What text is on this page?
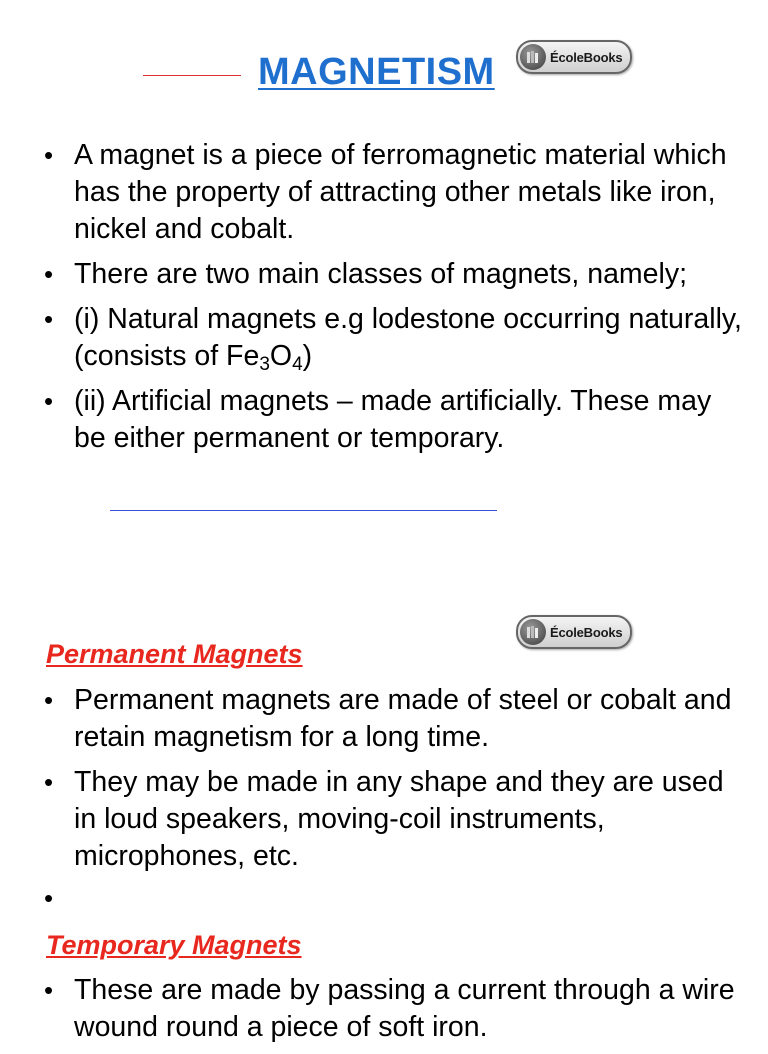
MAGNETISM	ÉcoleBooks
• A magnet is a piece of ferromagnetic material which has the property of attracting other metals like iron, nickel and cobalt.
• There are two main classes of magnets, namely;
• (i) Natural magnets e.g lodestone occurring naturally, (consists of $Fe_3O_4$)
• (ii) Artificial magnets – made artificially. These may be either permanent or temporary.
ÉcoleBooks
Permanent Magnets
• Permanent magnets are made of steel or cobalt and retain magnetism for a long time.
• They may be made in any shape and they are used in loud speakers, moving-coil instruments, microphones, etc.
•
Temporary Magnets
• These are made by passing a current through a wire wound round a piece of soft iron.
